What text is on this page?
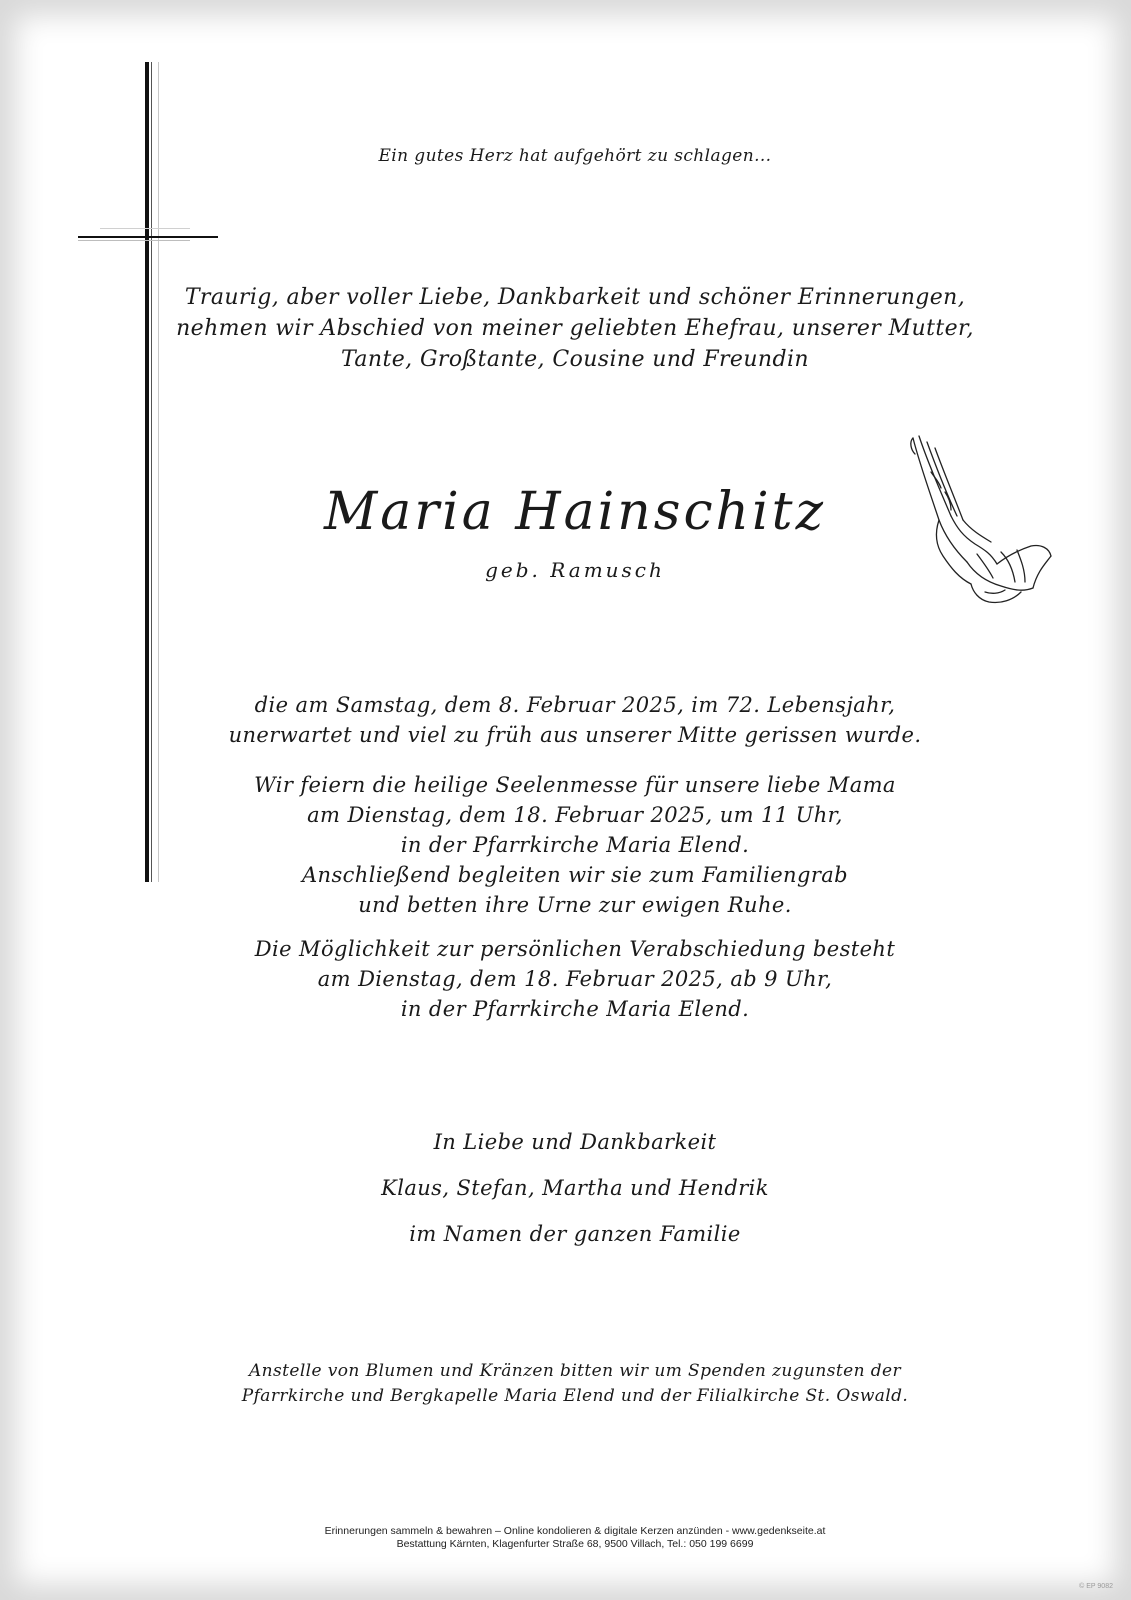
Ein gutes Herz hat aufgehört zu schlagen...
Traurig, aber voller Liebe, Dankbarkeit und schöner Erinnerungen,
nehmen wir Abschied von meiner geliebten Ehefrau, unserer Mutter,
Tante, Großtante, Cousine und Freundin
Maria Hainschitz
geb. Ramusch
die am Samstag, dem 8. Februar 2025, im 72. Lebensjahr,
unerwartet und viel zu früh aus unserer Mitte gerissen wurde.
Wir feiern die heilige Seelenmesse für unsere liebe Mama
am Dienstag, dem 18. Februar 2025, um 11 Uhr,
in der Pfarrkirche Maria Elend.
Anschließend begleiten wir sie zum Familiengrab
und betten ihre Urne zur ewigen Ruhe.
Die Möglichkeit zur persönlichen Verabschiedung besteht
am Dienstag, dem 18. Februar 2025, ab 9 Uhr,
in der Pfarrkirche Maria Elend.
In Liebe und Dankbarkeit
Klaus, Stefan, Martha und Hendrik
im Namen der ganzen Familie
Anstelle von Blumen und Kränzen bitten wir um Spenden zugunsten der
Pfarrkirche und Bergkapelle Maria Elend und der Filialkirche St. Oswald.
Erinnerungen sammeln & bewahren – Online kondolieren & digitale Kerzen anzünden - www.gedenkseite.at
Bestattung Kärnten, Klagenfurter Straße 68, 9500 Villach, Tel.: 050 199 6699
© EP 9082
